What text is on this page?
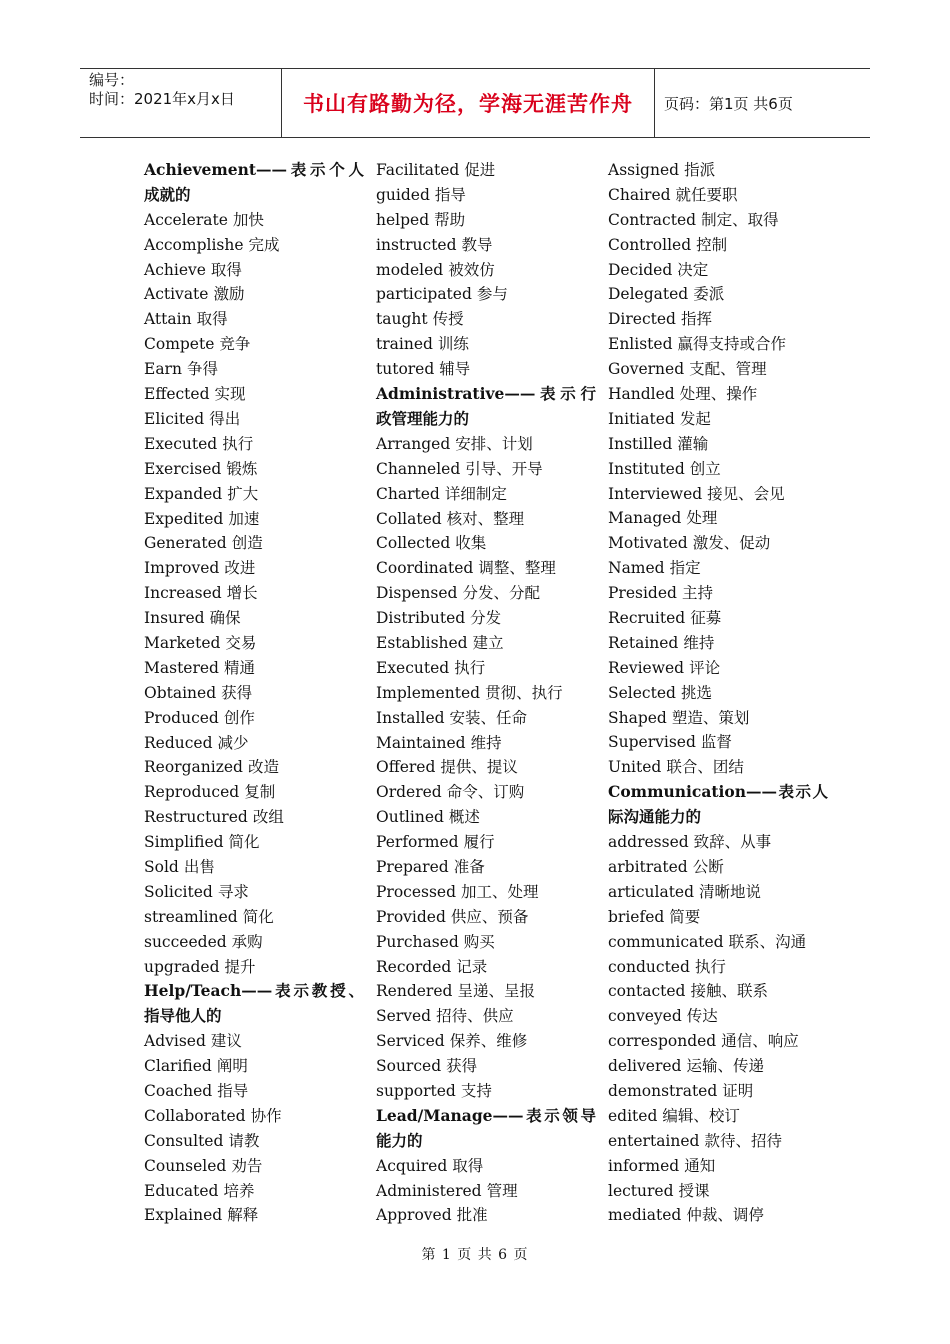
编号：
时间：2021年x月x日	书山有路勤为径，学海无涯苦作舟	页码：第1页 共6页
Achievement——表示个人成就的
Accelerate 加快
Accomplishe 完成
Achieve 取得
Activate 激励
Attain 取得
Compete 竞争
Earn 争得
Effected 实现
Elicited 得出
Executed 执行
Exercised 锻炼
Expanded 扩大
Expedited 加速
Generated 创造
Improved 改进
Increased 增长
Insured 确保
Marketed 交易
Mastered 精通
Obtained 获得
Produced 创作
Reduced 减少
Reorganized 改造
Reproduced 复制
Restructured 改组
Simplified 简化
Sold 出售
Solicited 寻求
streamlined 简化
succeeded 承购
upgraded 提升
Help/Teach——表示教授、指导他人的
Advised 建议
Clarified 阐明
Coached 指导
Collaborated 协作
Consulted 请教
Counseled 劝告
Educated 培养
Explained 解释
Facilitated 促进
guided 指导
helped 帮助
instructed 教导
modeled 被效仿
participated 参与
taught 传授
trained 训练
tutored 辅导
Administrative——表示行政管理能力的
Arranged 安排、计划
Channeled 引导、开导
Charted 详细制定
Collated 核对、整理
Collected 收集
Coordinated 调整、整理
Dispensed 分发、分配
Distributed 分发
Established 建立
Executed 执行
Implemented 贯彻、执行
Installed 安装、任命
Maintained 维持
Offered 提供、提议
Ordered 命令、订购
Outlined 概述
Performed 履行
Prepared 准备
Processed 加工、处理
Provided 供应、预备
Purchased 购买
Recorded 记录
Rendered 呈递、呈报
Served 招待、供应
Serviced 保养、维修
Sourced 获得
supported 支持
Lead/Manage——表示领导能力的
Acquired 取得
Administered 管理
Approved 批准
Assigned 指派
Chaired 就任要职
Contracted 制定、取得
Controlled 控制
Decided 决定
Delegated 委派
Directed 指挥
Enlisted 赢得支持或合作
Governed 支配、管理
Handled 处理、操作
Initiated 发起
Instilled 灌输
Instituted 创立
Interviewed 接见、会见
Managed 处理
Motivated 激发、促动
Named 指定
Presided 主持
Recruited 征募
Retained 维持
Reviewed 评论
Selected 挑选
Shaped 塑造、策划
Supervised 监督
United 联合、团结
Communication——表示人际沟通能力的
addressed 致辞、从事
arbitrated 公断
articulated 清晰地说
briefed 简要
communicated 联系、沟通
conducted 执行
contacted 接触、联系
conveyed 传达
corresponded 通信、响应
delivered 运输、传递
demonstrated 证明
edited 编辑、校订
entertained 款待、招待
informed 通知
lectured 授课
mediated 仲裁、调停
第 1 页 共 6 页
